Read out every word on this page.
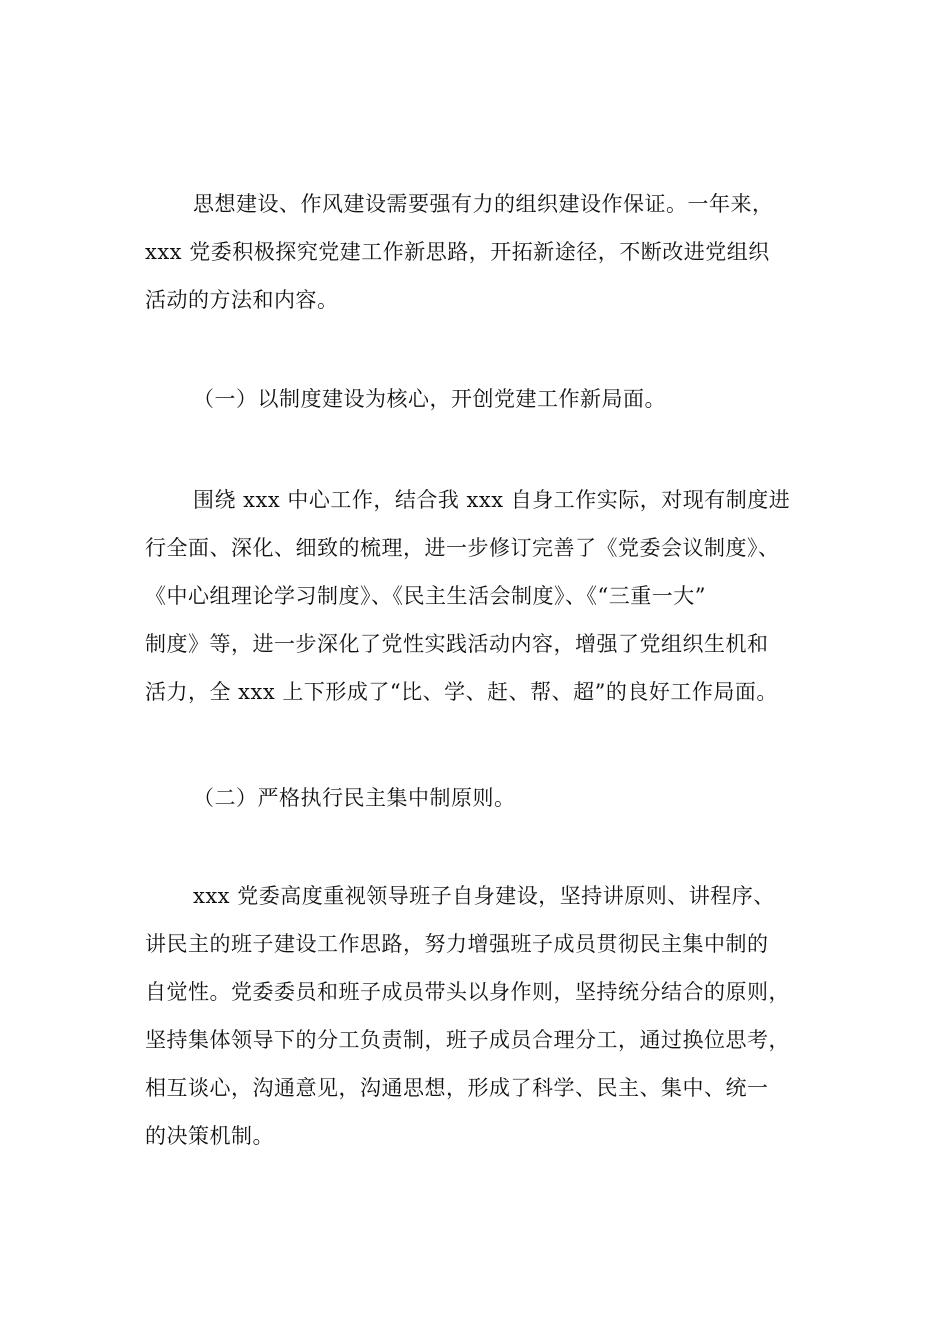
思想建设、作风建设需要强有力的组织建设作保证。一年来，
xxx 党委积极探究党建工作新思路，开拓新途径，不断改进党组织
活动的方法和内容。
（一）以制度建设为核心，开创党建工作新局面。
围绕 xxx 中心工作，结合我 xxx 自身工作实际，对现有制度进
行全面、深化、细致的梳理，进一步修订完善了《党委会议制度》、
《中心组理论学习制度》、《民主生活会制度》、《“三重一大”
制度》等，进一步深化了党性实践活动内容，增强了党组织生机和
活力，全 xxx 上下形成了“比、学、赶、帮、超”的良好工作局面。
（二）严格执行民主集中制原则。
xxx 党委高度重视领导班子自身建设，坚持讲原则、讲程序、
讲民主的班子建设工作思路，努力增强班子成员贯彻民主集中制的
自觉性。党委委员和班子成员带头以身作则，坚持统分结合的原则，
坚持集体领导下的分工负责制，班子成员合理分工，通过换位思考，
相互谈心，沟通意见，沟通思想，形成了科学、民主、集中、统一
的决策机制。
